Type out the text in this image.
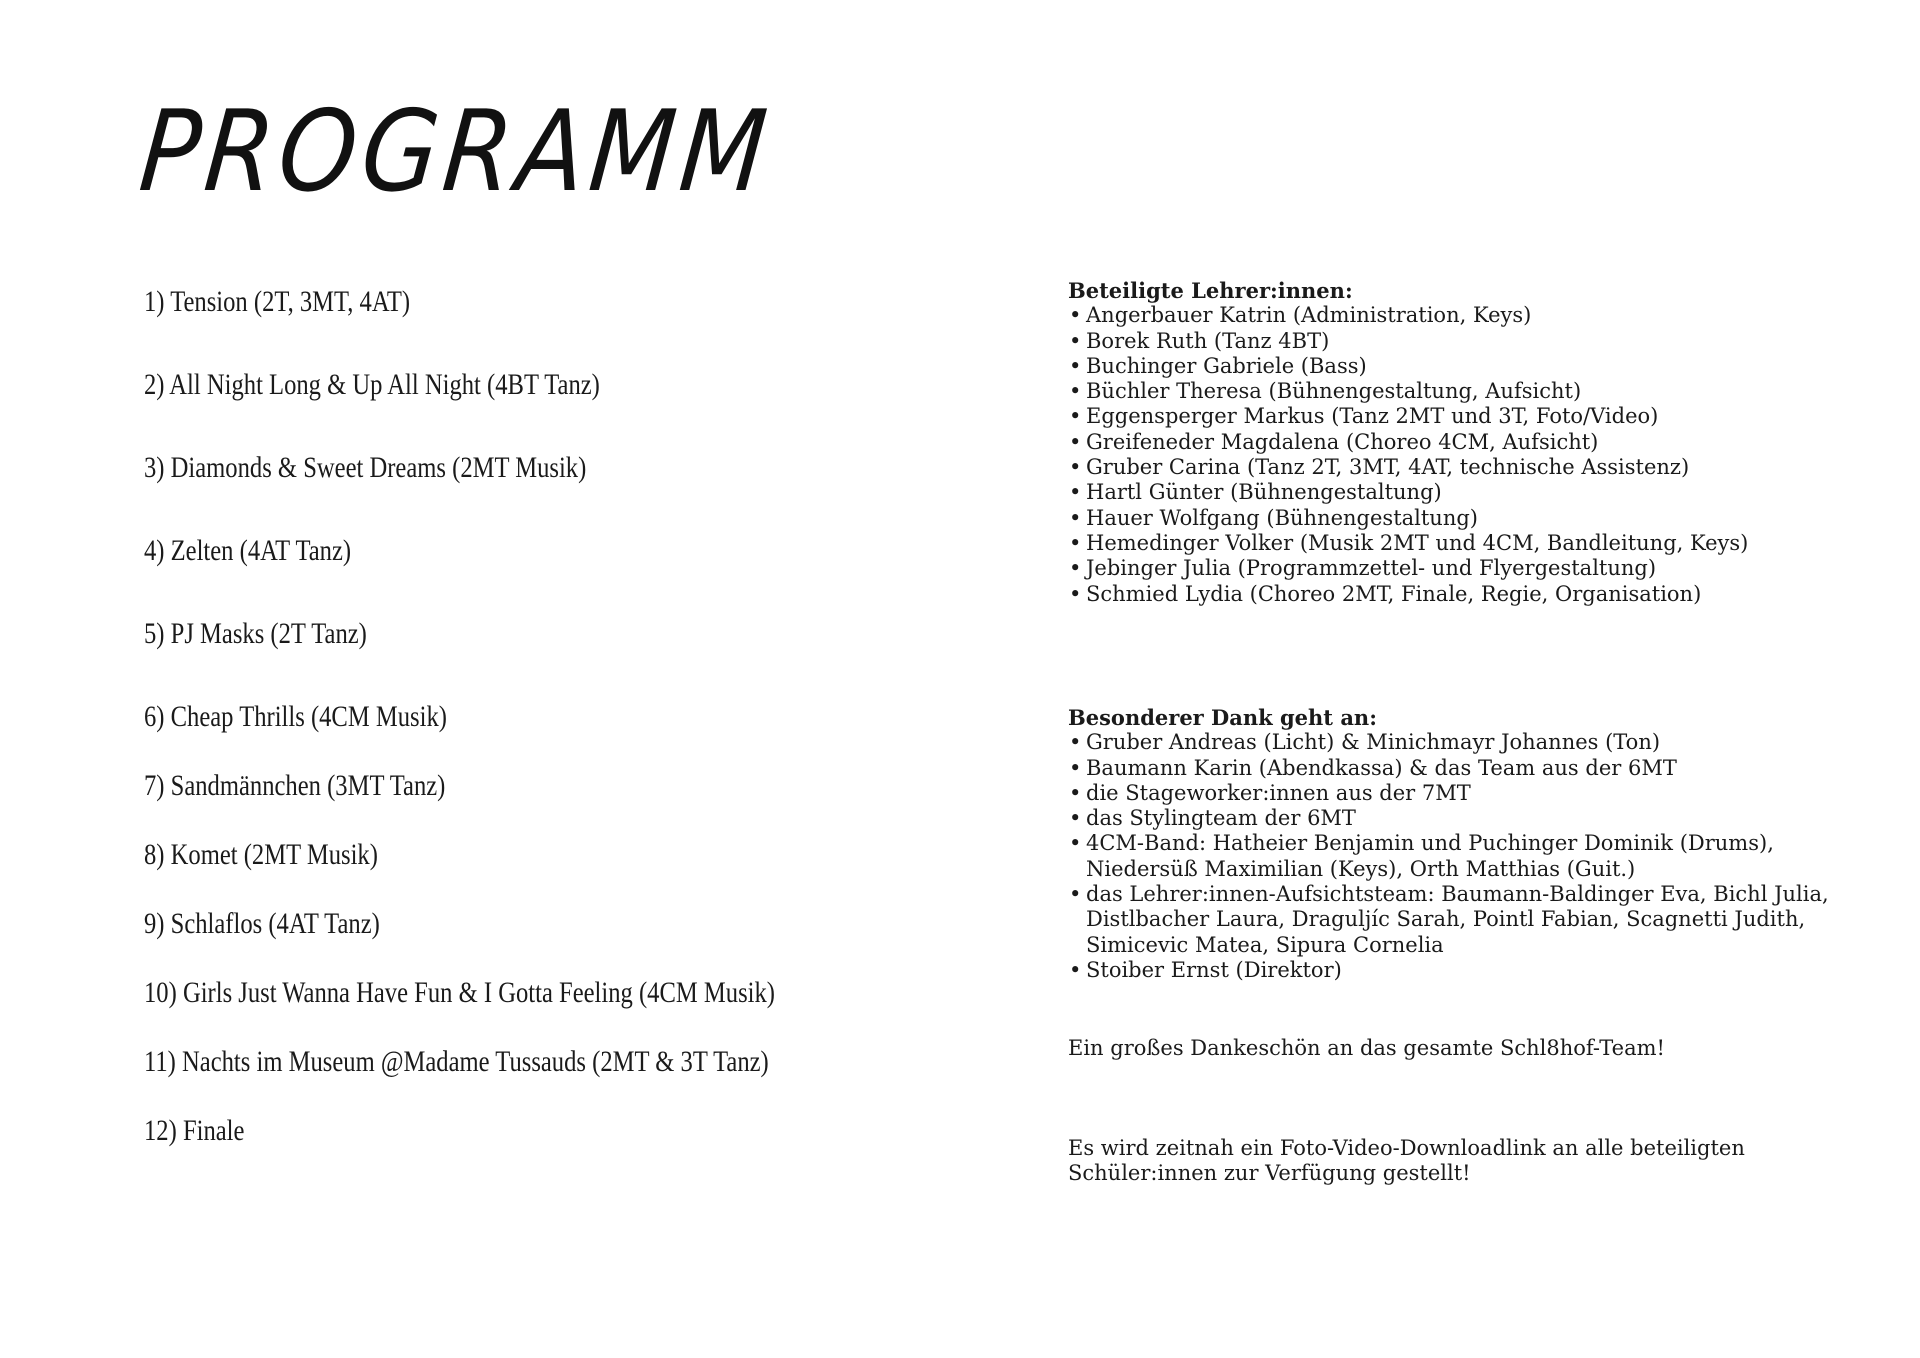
PROGRAMM
1) Tension (2T, 3MT, 4AT)
2) All Night Long & Up All Night (4BT Tanz)
3) Diamonds & Sweet Dreams (2MT Musik)
4) Zelten (4AT Tanz)
5) PJ Masks (2T Tanz)
6) Cheap Thrills (4CM Musik)
7) Sandmännchen (3MT Tanz)
8) Komet (2MT Musik)
9) Schlaflos (4AT Tanz)
10) Girls Just Wanna Have Fun & I Gotta Feeling (4CM Musik)
11) Nachts im Museum @Madame Tussauds (2MT & 3T Tanz)
12) Finale
Beteiligte Lehrer:innen:
• Angerbauer Katrin (Administration, Keys)
• Borek Ruth (Tanz 4BT)
• Buchinger Gabriele (Bass)
• Büchler Theresa (Bühnengestaltung, Aufsicht)
• Eggensperger Markus (Tanz 2MT und 3T, Foto/Video)
• Greifeneder Magdalena (Choreo 4CM, Aufsicht)
• Gruber Carina (Tanz 2T, 3MT, 4AT, technische Assistenz)
• Hartl Günter (Bühnengestaltung)
• Hauer Wolfgang (Bühnengestaltung)
• Hemedinger Volker (Musik 2MT und 4CM, Bandleitung, Keys)
• Jebinger Julia (Programmzettel- und Flyergestaltung)
• Schmied Lydia (Choreo 2MT, Finale, Regie, Organisation)
Besonderer Dank geht an:
• Gruber Andreas (Licht) & Minichmayr Johannes (Ton)
• Baumann Karin (Abendkassa) & das Team aus der 6MT
• die Stageworker:innen aus der 7MT
• das Stylingteam der 6MT
• 4CM-Band: Hatheier Benjamin und Puchinger Dominik (Drums), Niedersüß Maximilian (Keys), Orth Matthias (Guit.)
• das Lehrer:innen-Aufsichtsteam: Baumann-Baldinger Eva, Bichl Julia, Distlbacher Laura, Draguljíc Sarah, Pointl Fabian, Scagnetti Judith, Simicevic Matea, Sipura Cornelia
• Stoiber Ernst (Direktor)
Ein großes Dankeschön an das gesamte Schl8hof-Team!
Es wird zeitnah ein Foto-Video-Downloadlink an alle beteiligten Schüler:innen zur Verfügung gestellt!
